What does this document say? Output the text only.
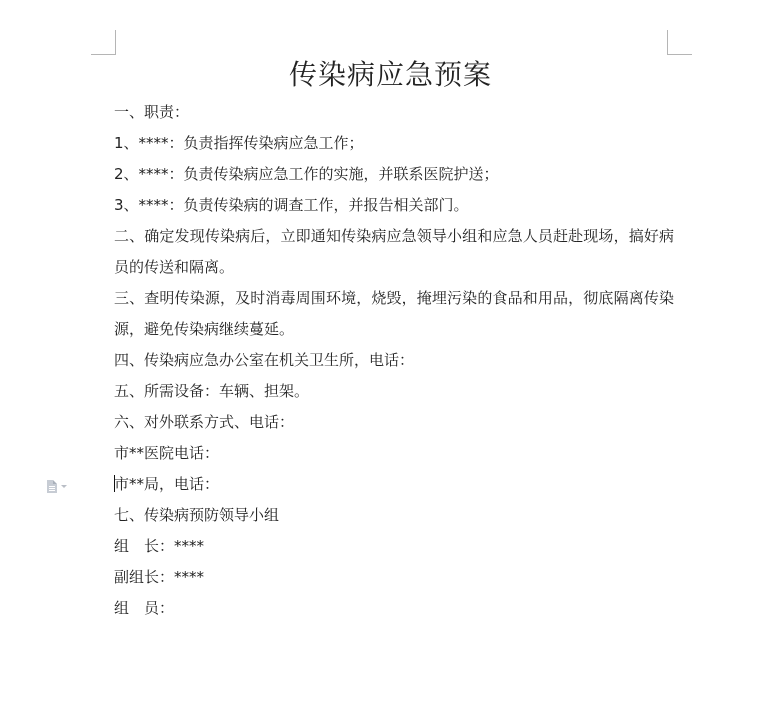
传染病应急预案

一、职责：

1、****：负责指挥传染病应急工作；

2、****：负责传染病应急工作的实施，并联系医院护送；

3、****：负责传染病的调查工作，并报告相关部门。

二、确定发现传染病后，立即通知传染病应急领导小组和应急人员赶赴现场，搞好病员的传送和隔离。

三、查明传染源，及时消毒周围环境，烧毁，掩埋污染的食品和用品，彻底隔离传染源，避免传染病继续蔓延。

四、传染病应急办公室在机关卫生所，电话：

五、所需设备：车辆、担架。

六、对外联系方式、电话：

市**医院电话：

市**局，电话：

七、传染病预防领导小组

组　长：****

副组长：****

组　员：
